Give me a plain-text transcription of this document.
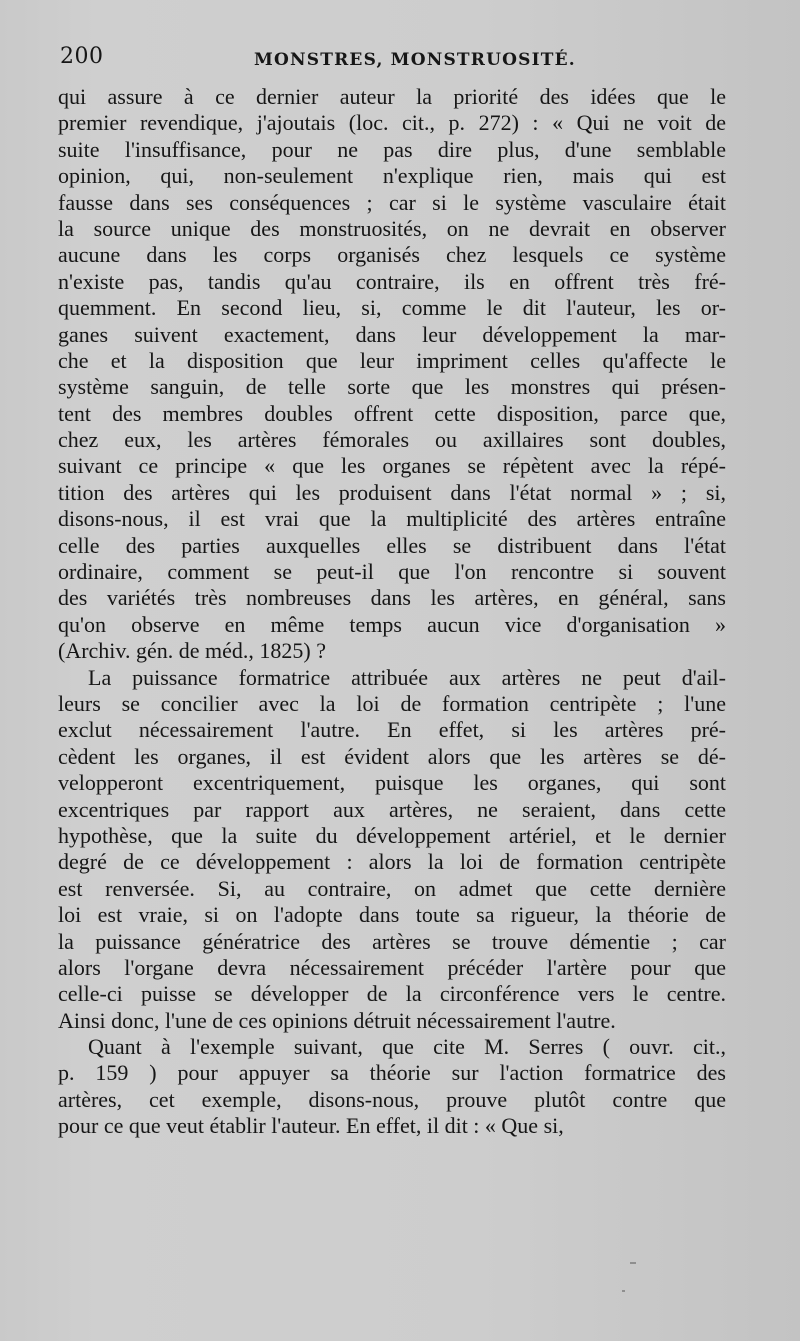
200	MONSTRES, MONSTRUOSITÉ.

qui assure à ce dernier auteur la priorité des idées que le
premier revendique, j'ajoutais (loc. cit., p. 272) : « Qui ne voit de
suite l'insuffisance, pour ne pas dire plus, d'une semblable
opinion, qui, non-seulement n'explique rien, mais qui est
fausse dans ses conséquences ; car si le système vasculaire était
la source unique des monstruosités, on ne devrait en observer
aucune dans les corps organisés chez lesquels ce système
n'existe pas, tandis qu'au contraire, ils en offrent très fré-
quemment. En second lieu, si, comme le dit l'auteur, les or-
ganes suivent exactement, dans leur développement la mar-
che et la disposition que leur impriment celles qu'affecte le
système sanguin, de telle sorte que les monstres qui présen-
tent des membres doubles offrent cette disposition, parce que,
chez eux, les artères fémorales ou axillaires sont doubles,
suivant ce principe « que les organes se répètent avec la répé-
tition des artères qui les produisent dans l'état normal » ; si,
disons-nous, il est vrai que la multiplicité des artères entraîne
celle des parties auxquelles elles se distribuent dans l'état
ordinaire, comment se peut-il que l'on rencontre si souvent
des variétés très nombreuses dans les artères, en général, sans
qu'on observe en même temps aucun vice d'organisation »
(Archiv. gén. de méd., 1825) ?

La puissance formatrice attribuée aux artères ne peut d'ail-
leurs se concilier avec la loi de formation centripète ; l'une
exclut nécessairement l'autre. En effet, si les artères pré-
cèdent les organes, il est évident alors que les artères se dé-
velopperont excentriquement, puisque les organes, qui sont
excentriques par rapport aux artères, ne seraient, dans cette
hypothèse, que la suite du développement artériel, et le dernier
degré de ce développement : alors la loi de formation centripète
est renversée. Si, au contraire, on admet que cette dernière
loi est vraie, si on l'adopte dans toute sa rigueur, la théorie de
la puissance génératrice des artères se trouve démentie ; car
alors l'organe devra nécessairement précéder l'artère pour que
celle-ci puisse se développer de la circonférence vers le centre.
Ainsi donc, l'une de ces opinions détruit nécessairement l'autre.

Quant à l'exemple suivant, que cite M. Serres ( ouvr. cit.,
p. 159 ) pour appuyer sa théorie sur l'action formatrice des
artères, cet exemple, disons-nous, prouve plutôt contre que
pour ce que veut établir l'auteur. En effet, il dit : « Que si,
